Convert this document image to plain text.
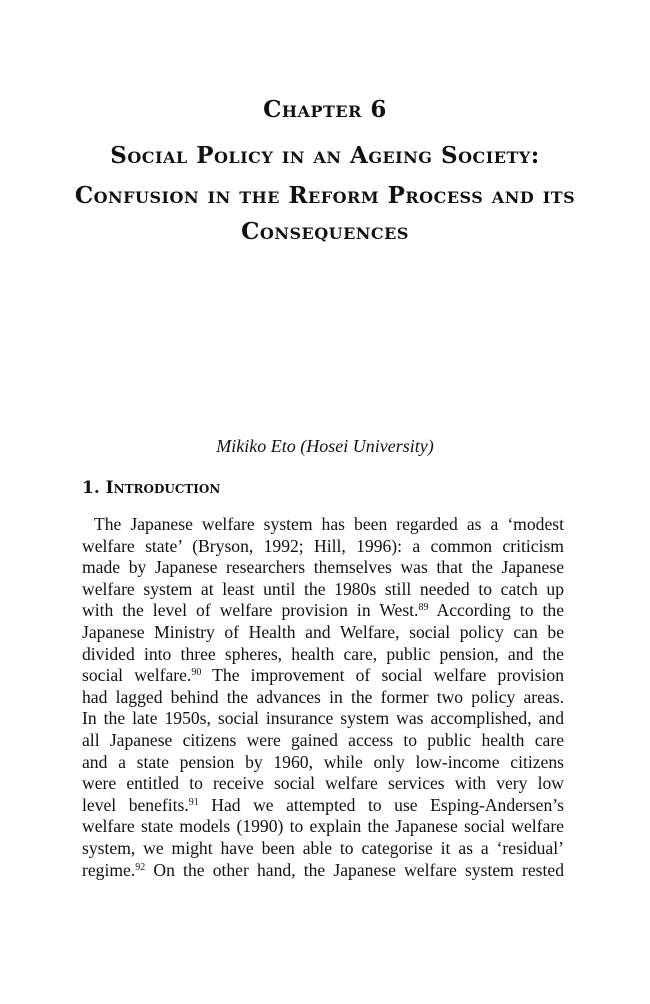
Chapter 6
Social Policy in an Ageing Society:
Confusion in the Reform Process and its
Consequences
Mikiko Eto (Hosei University)
1. Introduction
The Japanese welfare system has been regarded as a ‘modest
welfare state’ (Bryson, 1992; Hill, 1996): a common criticism
made by Japanese researchers themselves was that the Japanese
welfare system at least until the 1980s still needed to catch up
with the level of welfare provision in West.$^{89}$ According to the
Japanese Ministry of Health and Welfare, social policy can be
divided into three spheres, health care, public pension, and the
social welfare.$^{90}$ The improvement of social welfare provision
had lagged behind the advances in the former two policy areas.
In the late 1950s, social insurance system was accomplished, and
all Japanese citizens were gained access to public health care
and a state pension by 1960, while only low-income citizens
were entitled to receive social welfare services with very low
level benefits.$^{91}$ Had we attempted to use Esping-Andersen’s
welfare state models (1990) to explain the Japanese social welfare
system, we might have been able to categorise it as a ‘residual’
regime.$^{92}$ On the other hand, the Japanese welfare system rested
